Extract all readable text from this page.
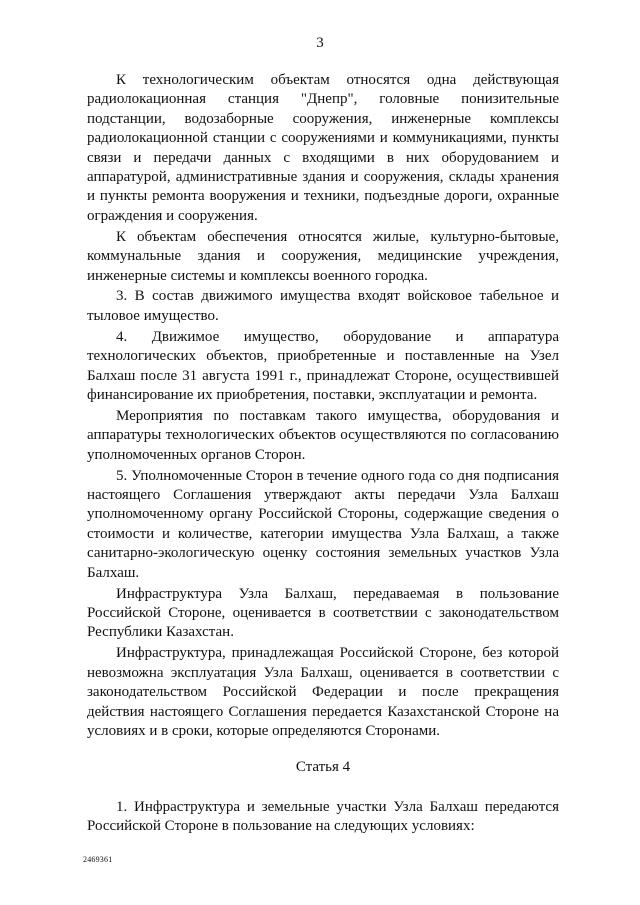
3

К технологическим объектам относятся одна действующая радиолокационная станция "Днепр", головные понизительные подстанции, водозаборные сооружения, инженерные комплексы радиолокационной станции с сооружениями и коммуникациями, пункты связи и передачи данных с входящими в них оборудованием и аппаратурой, административные здания и сооружения, склады хранения и пункты ремонта вооружения и техники, подъездные дороги, охранные ограждения и сооружения.

К объектам обеспечения относятся жилые, культурно-бытовые, коммунальные здания и сооружения, медицинские учреждения, инженерные системы и комплексы военного городка.

3. В состав движимого имущества входят войсковое табельное и тыловое имущество.

4. Движимое имущество, оборудование и аппаратура технологических объектов, приобретенные и поставленные на Узел Балхаш после 31 августа 1991 г., принадлежат Стороне, осуществившей финансирование их приобретения, поставки, эксплуатации и ремонта.

Мероприятия по поставкам такого имущества, оборудования и аппаратуры технологических объектов осуществляются по согласованию уполномоченных органов Сторон.

5. Уполномоченные Сторон в течение одного года со дня подписания настоящего Соглашения утверждают акты передачи Узла Балхаш уполномоченному органу Российской Стороны, содержащие сведения о стоимости и количестве, категории имущества Узла Балхаш, а также санитарно-экологическую оценку состояния земельных участков Узла Балхаш.

Инфраструктура Узла Балхаш, передаваемая в пользование Российской Стороне, оценивается в соответствии с законодательством Республики Казахстан.

Инфраструктура, принадлежащая Российской Стороне, без которой невозможна эксплуатация Узла Балхаш, оценивается в соответствии с законодательством Российской Федерации и после прекращения действия настоящего Соглашения передается Казахстанской Стороне на условиях и в сроки, которые определяются Сторонами.

Статья 4

1. Инфраструктура и земельные участки Узла Балхаш передаются Российской Стороне в пользование на следующих условиях:

2469361
